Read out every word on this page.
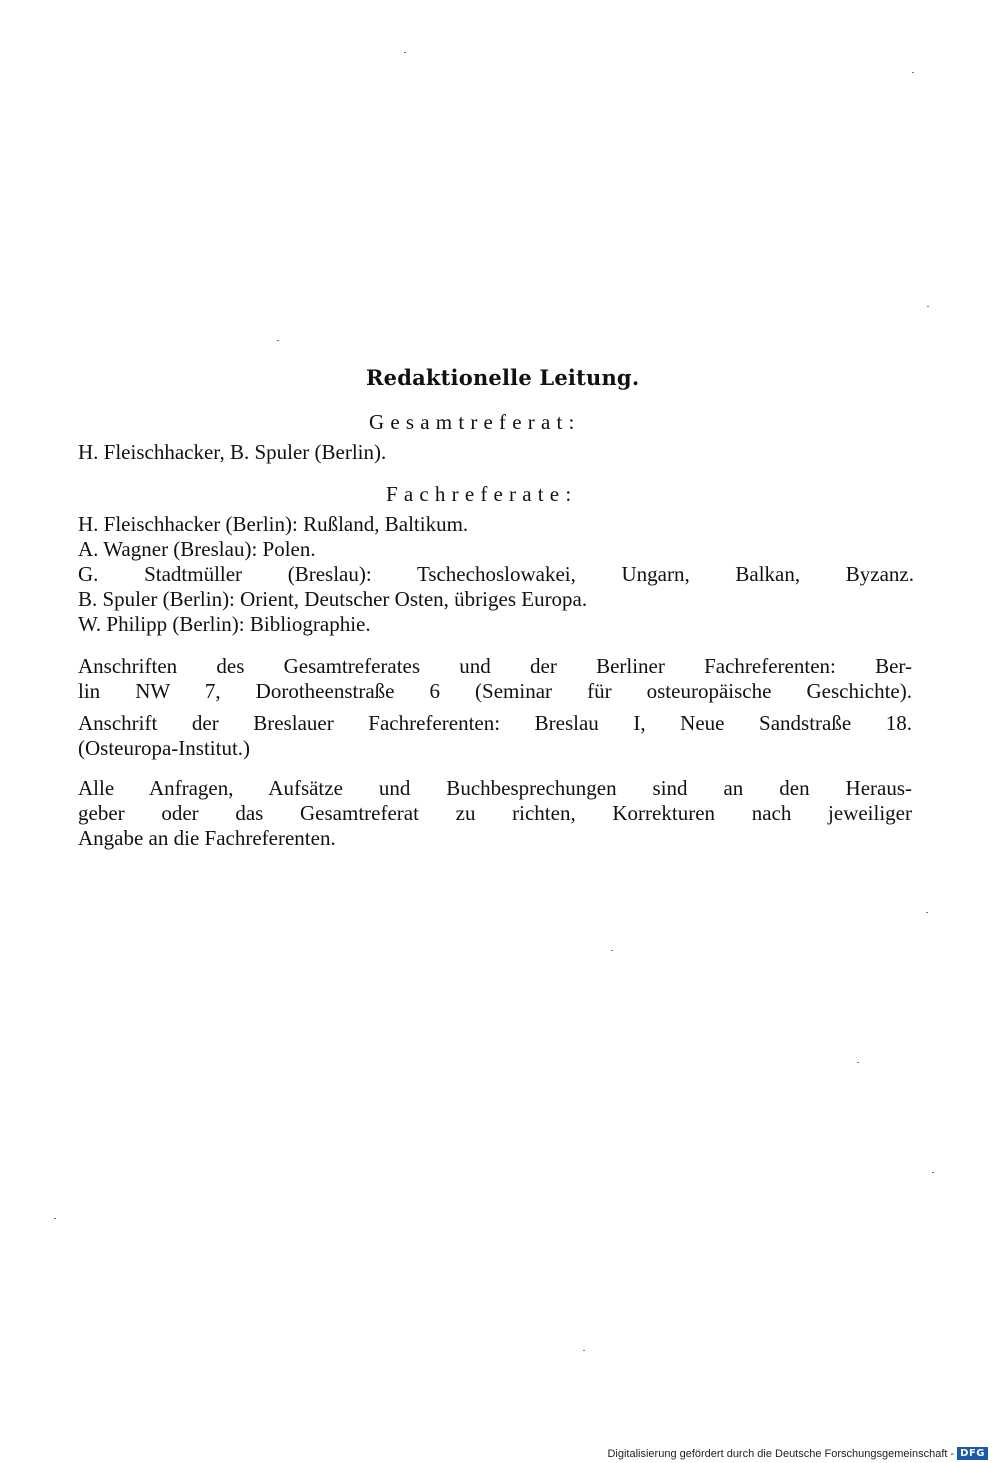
Redaktionelle Leitung.
Gesamtreferat:
H. Fleischhacker, B. Spuler (Berlin).
Fachreferate:
H. Fleischhacker (Berlin): Rußland, Baltikum.
A. Wagner (Breslau): Polen.
G. Stadtmüller (Breslau): Tschechoslowakei, Ungarn, Balkan, Byzanz.
B. Spuler (Berlin): Orient, Deutscher Osten, übriges Europa.
W. Philipp (Berlin): Bibliographie.
Anschriften des Gesamtreferates und der Berliner Fachreferenten: Ber-
lin NW 7, Dorotheenstraße 6 (Seminar für osteuropäische Geschichte).
Anschrift der Breslauer Fachreferenten: Breslau I, Neue Sandstraße 18.
(Osteuropa-Institut.)
Alle Anfragen, Aufsätze und Buchbesprechungen sind an den Heraus-
geber oder das Gesamtreferat zu richten, Korrekturen nach jeweiliger
Angabe an die Fachreferenten.
Digitalisierung gefördert durch die Deutsche Forschungsgemeinschaft - DFG
